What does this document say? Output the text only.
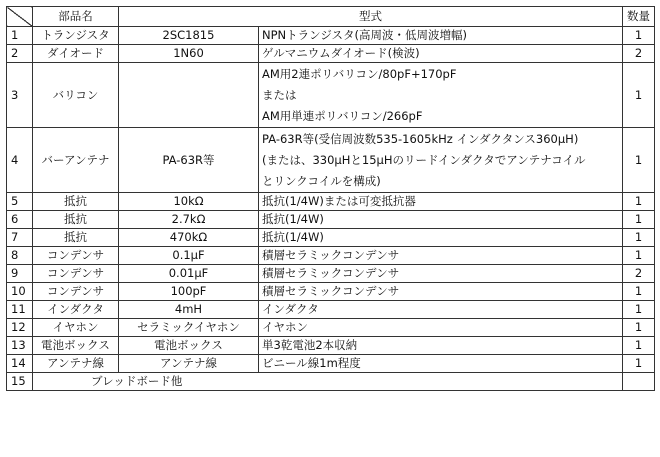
	部品名	型式		数量
1	トランジスタ	2SC1815	NPNトランジスタ(高周波・低周波増幅)	1
2	ダイオード	1N60	ゲルマニウムダイオード(検波)	2
3	バリコン		AM用2連ポリバリコン/80pF+170pF
または
AM用単連ポリバリコン/266pF	1
4	バーアンテナ	PA-63R等	PA-63R等(受信周波数535-1605kHz インダクタンス360μH)
(または、330μHと15μHのリードインダクタでアンテナコイル
とリンクコイルを構成)	1
5	抵抗	10kΩ	抵抗(1/4W)または可変抵抗器	1
6	抵抗	2.7kΩ	抵抗(1/4W)	1
7	抵抗	470kΩ	抵抗(1/4W)	1
8	コンデンサ	0.1μF	積層セラミックコンデンサ	1
9	コンデンサ	0.01μF	積層セラミックコンデンサ	2
10	コンデンサ	100pF	積層セラミックコンデンサ	1
11	インダクタ	4mH	インダクタ	1
12	イヤホン	セラミックイヤホン	イヤホン	1
13	電池ボックス	電池ボックス	単3乾電池2本収納	1
14	アンテナ線	アンテナ線	ビニール線1m程度	1
15	ブレッドボード他			
